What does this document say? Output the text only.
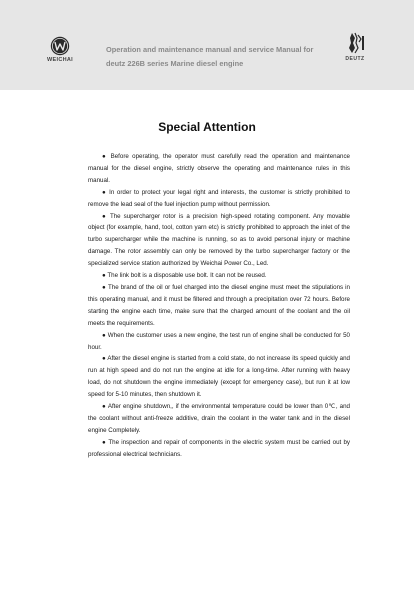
WEICHAI
Operation and maintenance manual and service Manual for
deutz 226B series Marine diesel engine	DEUTZ
Special Attention

● Before operating, the operator must carefully read the operation and maintenance manual for the diesel engine, strictly observe the operating and maintenance rules in this manual.

● In order to protect your legal right and interests, the customer is strictly prohibited to remove the lead seal of the fuel injection pump without permission.

● The supercharger rotor is a precision high-speed rotating component. Any movable object (for example, hand, tool, cotton yarn etc) is strictly prohibited to approach the inlet of the turbo supercharger while the machine is running, so as to avoid personal injury or machine damage. The rotor assembly can only be removed by the turbo supercharger factory or the specialized service station authorized by Weichai Power Co., Led.

● The link bolt is a disposable use bolt. It can not be reused.

● The brand of the oil or fuel charged into the diesel engine must meet the stipulations in this operating manual, and it must be filtered and through a precipitation over 72 hours. Before starting the engine each time, make sure that the charged amount of the coolant and the oil meets the requirements.

● When the customer uses a new engine, the test run of engine shall be conducted for 50 hour.

● After the diesel engine is started from a cold state, do not increase its speed quickly and run at high speed and do not run the engine at idle for a long-time. After running with heavy load, do not shutdown the engine immediately (except for emergency case), but run it at low speed for 5-10 minutes, then shutdown it.

● After engine shutdown,, if the environmental temperature could be lower than 0℃, and the coolant without anti-freeze additive, drain the coolant in the water tank and in the diesel engine Completely.

● The inspection and repair of components in the electric system must be carried out by professional electrical technicians.
